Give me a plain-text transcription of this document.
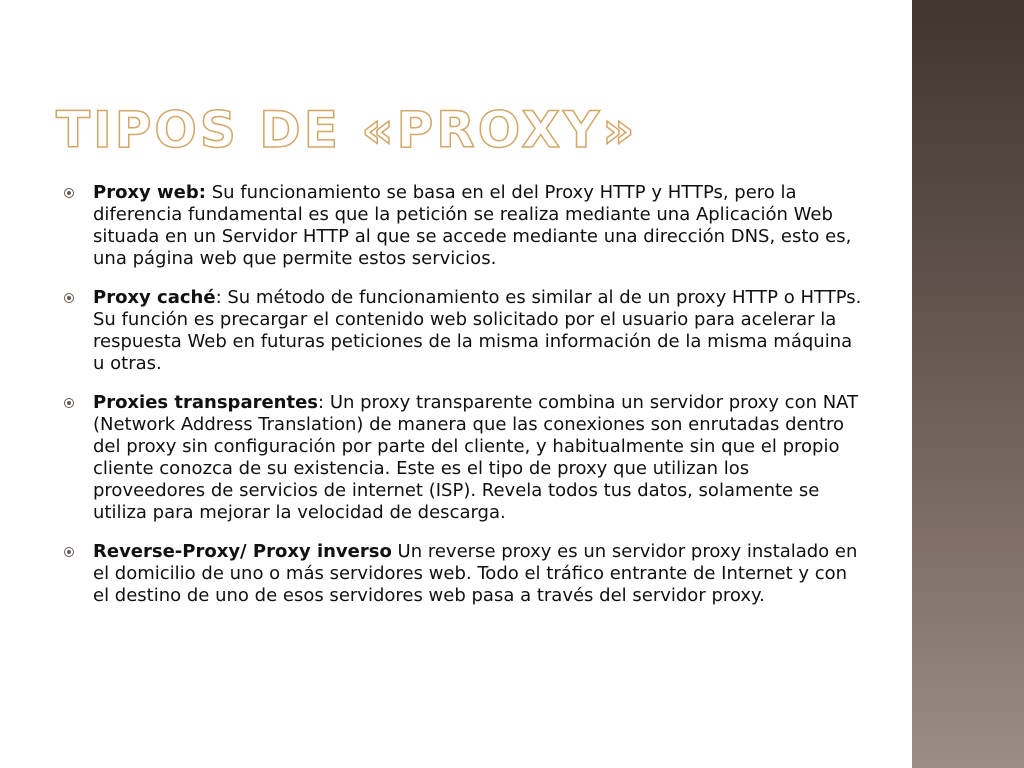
TIPOS DE «PROXY»
Proxy web: Su funcionamiento se basa en el del Proxy HTTP y HTTPs, pero la diferencia fundamental es que la petición se realiza mediante una Aplicación Web situada en un Servidor HTTP al que se accede mediante una dirección DNS, esto es, una página web que permite estos servicios.
Proxy caché: Su método de funcionamiento es similar al de un proxy HTTP o HTTPs. Su función es precargar el contenido web solicitado por el usuario para acelerar la respuesta Web en futuras peticiones de la misma información de la misma máquina u otras.
Proxies transparentes: Un proxy transparente combina un servidor proxy con NAT (Network Address Translation) de manera que las conexiones son enrutadas dentro del proxy sin configuración por parte del cliente, y habitualmente sin que el propio cliente conozca de su existencia. Este es el tipo de proxy que utilizan los proveedores de servicios de internet (ISP). Revela todos tus datos, solamente se utiliza para mejorar la velocidad de descarga.
Reverse-Proxy/ Proxy inverso Un reverse proxy es un servidor proxy instalado en el domicilio de uno o más servidores web. Todo el tráfico entrante de Internet y con el destino de uno de esos servidores web pasa a través del servidor proxy.
